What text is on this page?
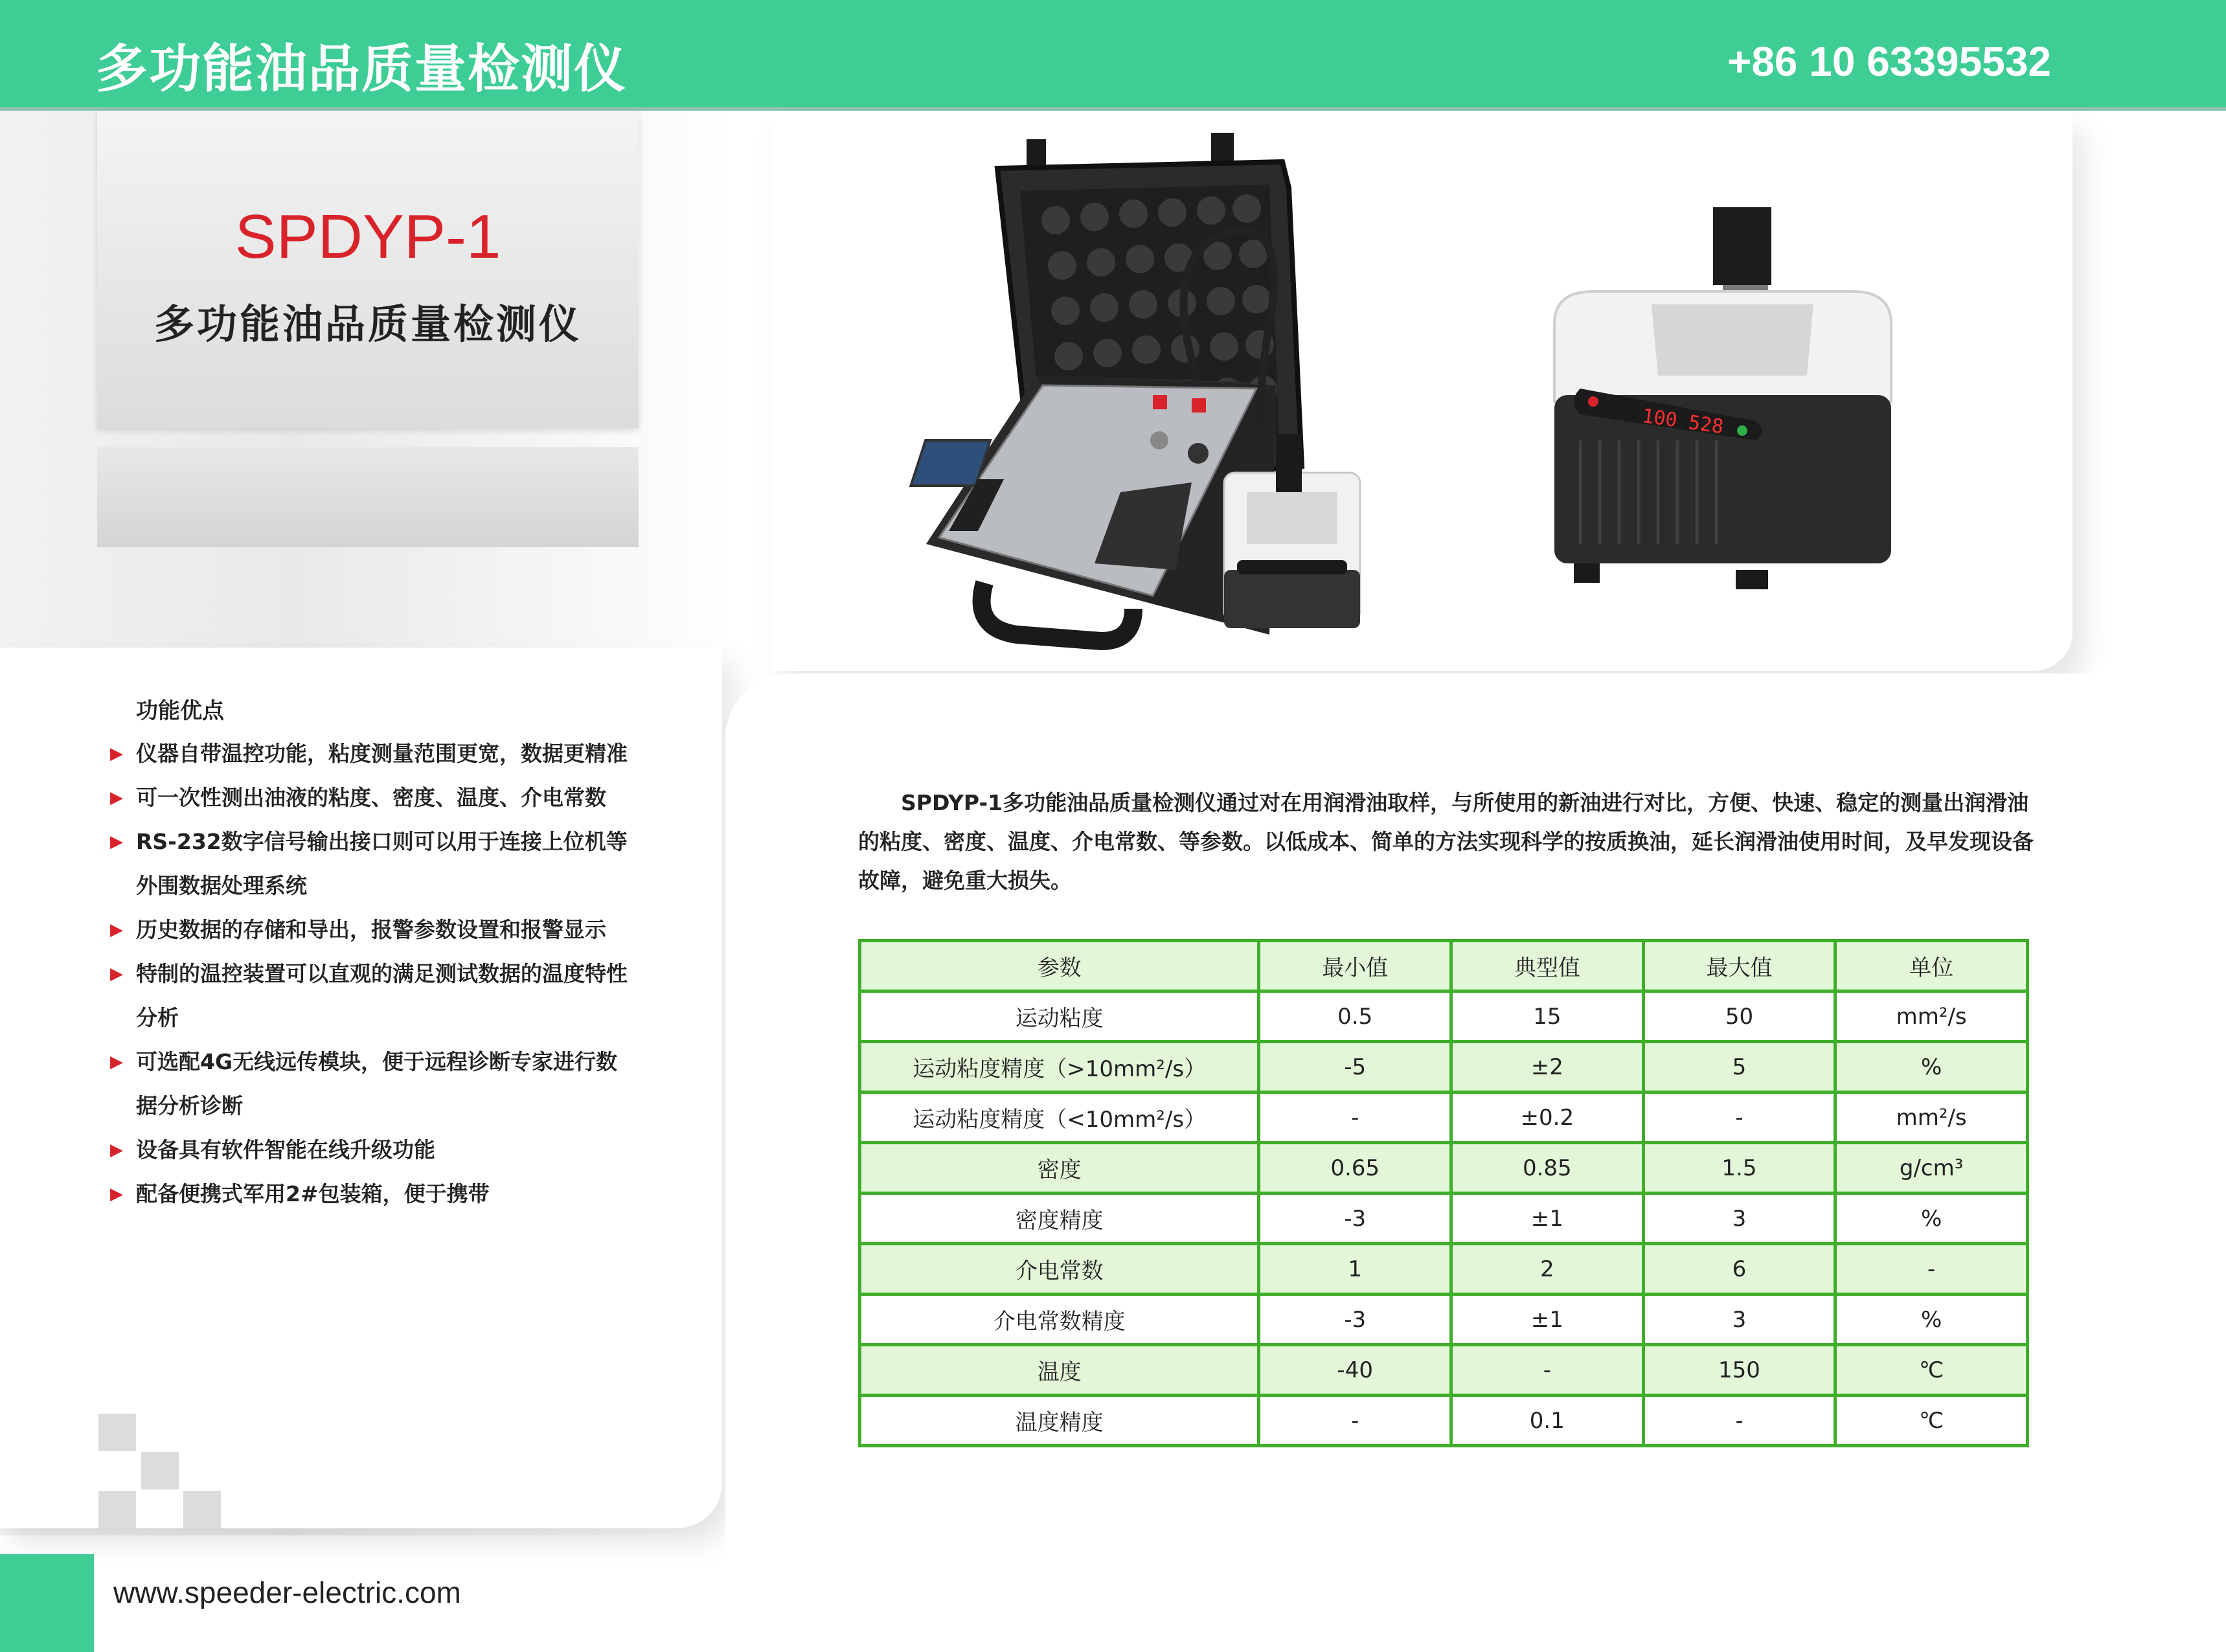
多功能油品质量检测仪	+86 10 63395532
SPDYP-1
多功能油品质量检测仪
100 528
功能优点
▶ 仪器自带温控功能，粘度测量范围更宽，数据更精准
▶ 可一次性测出油液的粘度、密度、温度、介电常数
▶ RS-232数字信号输出接口则可以用于连接上位机等外围数据处理系统
▶ 历史数据的存储和导出，报警参数设置和报警显示
▶ 特制的温控装置可以直观的满足测试数据的温度特性分析
▶ 可选配4G无线远传模块，便于远程诊断专家进行数据分析诊断
▶ 设备具有软件智能在线升级功能
▶ 配备便携式军用2#包装箱，便于携带
SPDYP-1多功能油品质量检测仪通过对在用润滑油取样，与所使用的新油进行对比，方便、快速、稳定的测量出润滑油的粘度、密度、温度、介电常数、等参数。以低成本、简单的方法实现科学的按质换油，延长润滑油使用时间，及早发现设备故障，避免重大损失。
参数	最小值	典型值	最大值	单位
运动粘度	0.5	15	50	mm²/s
运动粘度精度（>10mm²/s）	-5	±2	5	%
运动粘度精度（<10mm²/s）	-	±0.2	-	mm²/s
密度	0.65	0.85	1.5	g/cm³
密度精度	-3	±1	3	%
介电常数	1	2	6	-
介电常数精度	-3	±1	3	%
温度	-40	-	150	℃
温度精度	-	0.1	-	℃
www.speeder-electric.com
